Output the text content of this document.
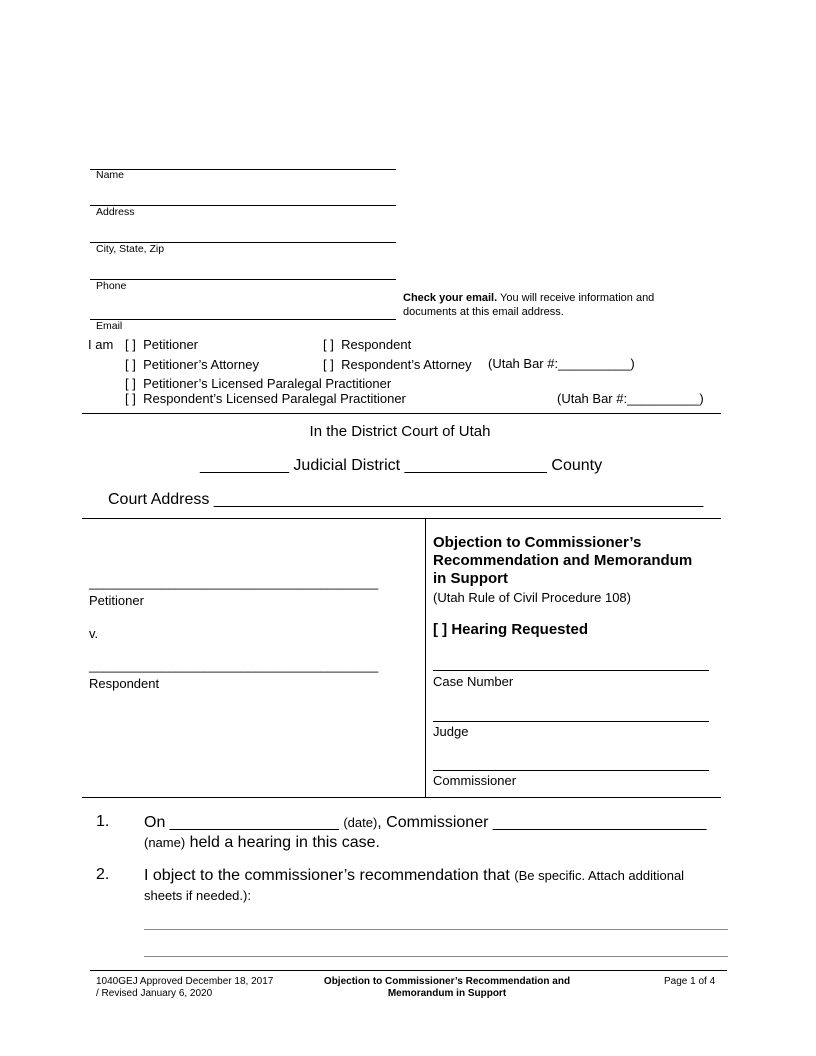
Name
Address
City, State, Zip
Phone
Email
Check your email. You will receive information and
documents at this email address.
I am [ ] Petitioner	[ ] Respondent
[ ] Petitioner’s Attorney	[ ] Respondent’s Attorney (Utah Bar #:__________)
[ ] Petitioner’s Licensed Paralegal Practitioner
[ ] Respondent’s Licensed Paralegal Practitioner	(Utah Bar #:__________)
In the District Court of Utah
__________ Judicial District ________________ County
Court Address _______________________________________________________
________________________________________
Petitioner
v.
________________________________________
Respondent
Objection to Commissioner’s
Recommendation and Memorandum
in Support
(Utah Rule of Civil Procedure 108)
[ ] Hearing Requested
Case Number
Judge
Commissioner
1. On ___________________ (date), Commissioner ________________________
(name) held a hearing in this case.
2. I object to the commissioner’s recommendation that (Be specific. Attach additional
sheets if needed.):
1040GEJ Approved December 18, 2017
/ Revised January 6, 2020
Objection to Commissioner’s Recommendation and
Memorandum in Support
Page 1 of 4
